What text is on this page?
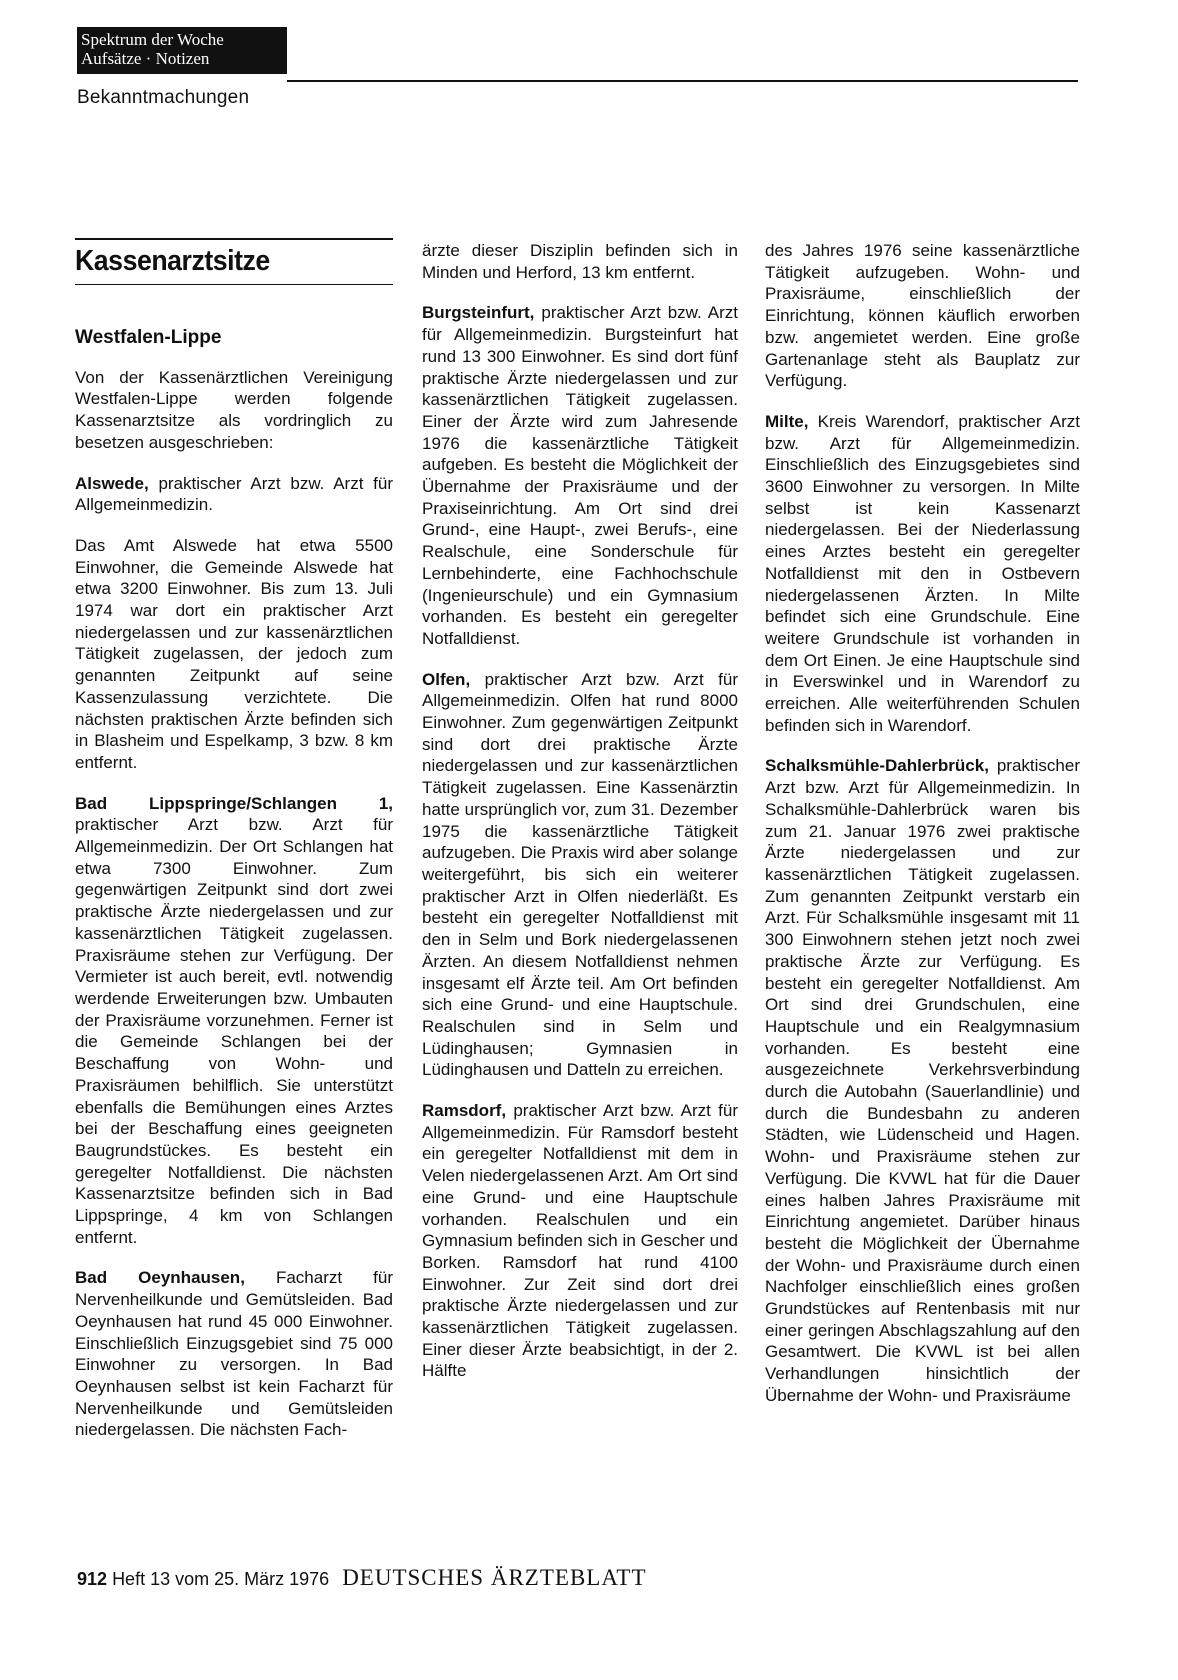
Spektrum der Woche
Aufsätze · Notizen
Bekanntmachungen
Kassenarztsitze
Westfalen-Lippe
Von der Kassenärztlichen Vereinigung Westfalen-Lippe werden folgende Kassenarztsitze als vordringlich zu besetzen ausgeschrieben:
Alswede, praktischer Arzt bzw. Arzt für Allgemeinmedizin.
Das Amt Alswede hat etwa 5500 Einwohner, die Gemeinde Alswede hat etwa 3200 Einwohner. Bis zum 13. Juli 1974 war dort ein praktischer Arzt niedergelassen und zur kassenärztlichen Tätigkeit zugelassen, der jedoch zum genannten Zeitpunkt auf seine Kassenzulassung verzichtete. Die nächsten praktischen Ärzte befinden sich in Blasheim und Espelkamp, 3 bzw. 8 km entfernt.
Bad Lippspringe/Schlangen 1, praktischer Arzt bzw. Arzt für Allgemeinmedizin. Der Ort Schlangen hat etwa 7300 Einwohner. Zum gegenwärtigen Zeitpunkt sind dort zwei praktische Ärzte niedergelassen und zur kassenärztlichen Tätigkeit zugelassen. Praxisräume stehen zur Verfügung. Der Vermieter ist auch bereit, evtl. notwendig werdende Erweiterungen bzw. Umbauten der Praxisräume vorzunehmen. Ferner ist die Gemeinde Schlangen bei der Beschaffung von Wohn- und Praxisräumen behilflich. Sie unterstützt ebenfalls die Bemühungen eines Arztes bei der Beschaffung eines geeigneten Baugrundstückes. Es besteht ein geregelter Notfalldienst. Die nächsten Kassenarztsitze befinden sich in Bad Lippspringe, 4 km von Schlangen entfernt.
Bad Oeynhausen, Facharzt für Nervenheilkunde und Gemütsleiden. Bad Oeynhausen hat rund 45 000 Einwohner. Einschließlich Einzugsgebiet sind 75 000 Einwohner zu versorgen. In Bad Oeynhausen selbst ist kein Facharzt für Nervenheilkunde und Gemütsleiden niedergelassen. Die nächsten Fach-
ärzte dieser Disziplin befinden sich in Minden und Herford, 13 km entfernt.
Burgsteinfurt, praktischer Arzt bzw. Arzt für Allgemeinmedizin. Burgsteinfurt hat rund 13 300 Einwohner. Es sind dort fünf praktische Ärzte niedergelassen und zur kassenärztlichen Tätigkeit zugelassen. Einer der Ärzte wird zum Jahresende 1976 die kassenärztliche Tätigkeit aufgeben. Es besteht die Möglichkeit der Übernahme der Praxisräume und der Praxiseinrichtung. Am Ort sind drei Grund-, eine Haupt-, zwei Berufs-, eine Realschule, eine Sonderschule für Lernbehinderte, eine Fachhochschule (Ingenieurschule) und ein Gymnasium vorhanden. Es besteht ein geregelter Notfalldienst.
Olfen, praktischer Arzt bzw. Arzt für Allgemeinmedizin. Olfen hat rund 8000 Einwohner. Zum gegenwärtigen Zeitpunkt sind dort drei praktische Ärzte niedergelassen und zur kassenärztlichen Tätigkeit zugelassen. Eine Kassenärztin hatte ursprünglich vor, zum 31. Dezember 1975 die kassenärztliche Tätigkeit aufzugeben. Die Praxis wird aber solange weitergeführt, bis sich ein weiterer praktischer Arzt in Olfen niederläßt. Es besteht ein geregelter Notfalldienst mit den in Selm und Bork niedergelassenen Ärzten. An diesem Notfalldienst nehmen insgesamt elf Ärzte teil. Am Ort befinden sich eine Grund- und eine Hauptschule. Realschulen sind in Selm und Lüdinghausen; Gymnasien in Lüdinghausen und Datteln zu erreichen.
Ramsdorf, praktischer Arzt bzw. Arzt für Allgemeinmedizin. Für Ramsdorf besteht ein geregelter Notfalldienst mit dem in Velen niedergelassenen Arzt. Am Ort sind eine Grund- und eine Hauptschule vorhanden. Realschulen und ein Gymnasium befinden sich in Gescher und Borken. Ramsdorf hat rund 4100 Einwohner. Zur Zeit sind dort drei praktische Ärzte niedergelassen und zur kassenärztlichen Tätigkeit zugelassen. Einer dieser Ärzte beabsichtigt, in der 2. Hälfte
des Jahres 1976 seine kassenärztliche Tätigkeit aufzugeben. Wohn- und Praxisräume, einschließlich der Einrichtung, können käuflich erworben bzw. angemietet werden. Eine große Gartenanlage steht als Bauplatz zur Verfügung.
Milte, Kreis Warendorf, praktischer Arzt bzw. Arzt für Allgemeinmedizin. Einschließlich des Einzugsgebietes sind 3600 Einwohner zu versorgen. In Milte selbst ist kein Kassenarzt niedergelassen. Bei der Niederlassung eines Arztes besteht ein geregelter Notfalldienst mit den in Ostbevern niedergelassenen Ärzten. In Milte befindet sich eine Grundschule. Eine weitere Grundschule ist vorhanden in dem Ort Einen. Je eine Hauptschule sind in Everswinkel und in Warendorf zu erreichen. Alle weiterführenden Schulen befinden sich in Warendorf.
Schalksmühle-Dahlerbrück, praktischer Arzt bzw. Arzt für Allgemeinmedizin. In Schalksmühle-Dahlerbrück waren bis zum 21. Januar 1976 zwei praktische Ärzte niedergelassen und zur kassenärztlichen Tätigkeit zugelassen. Zum genannten Zeitpunkt verstarb ein Arzt. Für Schalksmühle insgesamt mit 11 300 Einwohnern stehen jetzt noch zwei praktische Ärzte zur Verfügung. Es besteht ein geregelter Notfalldienst. Am Ort sind drei Grundschulen, eine Hauptschule und ein Realgymnasium vorhanden. Es besteht eine ausgezeichnete Verkehrsverbindung durch die Autobahn (Sauerlandlinie) und durch die Bundesbahn zu anderen Städten, wie Lüdenscheid und Hagen. Wohn- und Praxisräume stehen zur Verfügung. Die KVWL hat für die Dauer eines halben Jahres Praxisräume mit Einrichtung angemietet. Darüber hinaus besteht die Möglichkeit der Übernahme der Wohn- und Praxisräume durch einen Nachfolger einschließlich eines großen Grundstückes auf Rentenbasis mit nur einer geringen Abschlagszahlung auf den Gesamtwert. Die KVWL ist bei allen Verhandlungen hinsichtlich der Übernahme der Wohn- und Praxisräume
912 Heft 13 vom 25. März 1976 DEUTSCHES ÄRZTEBLATT
